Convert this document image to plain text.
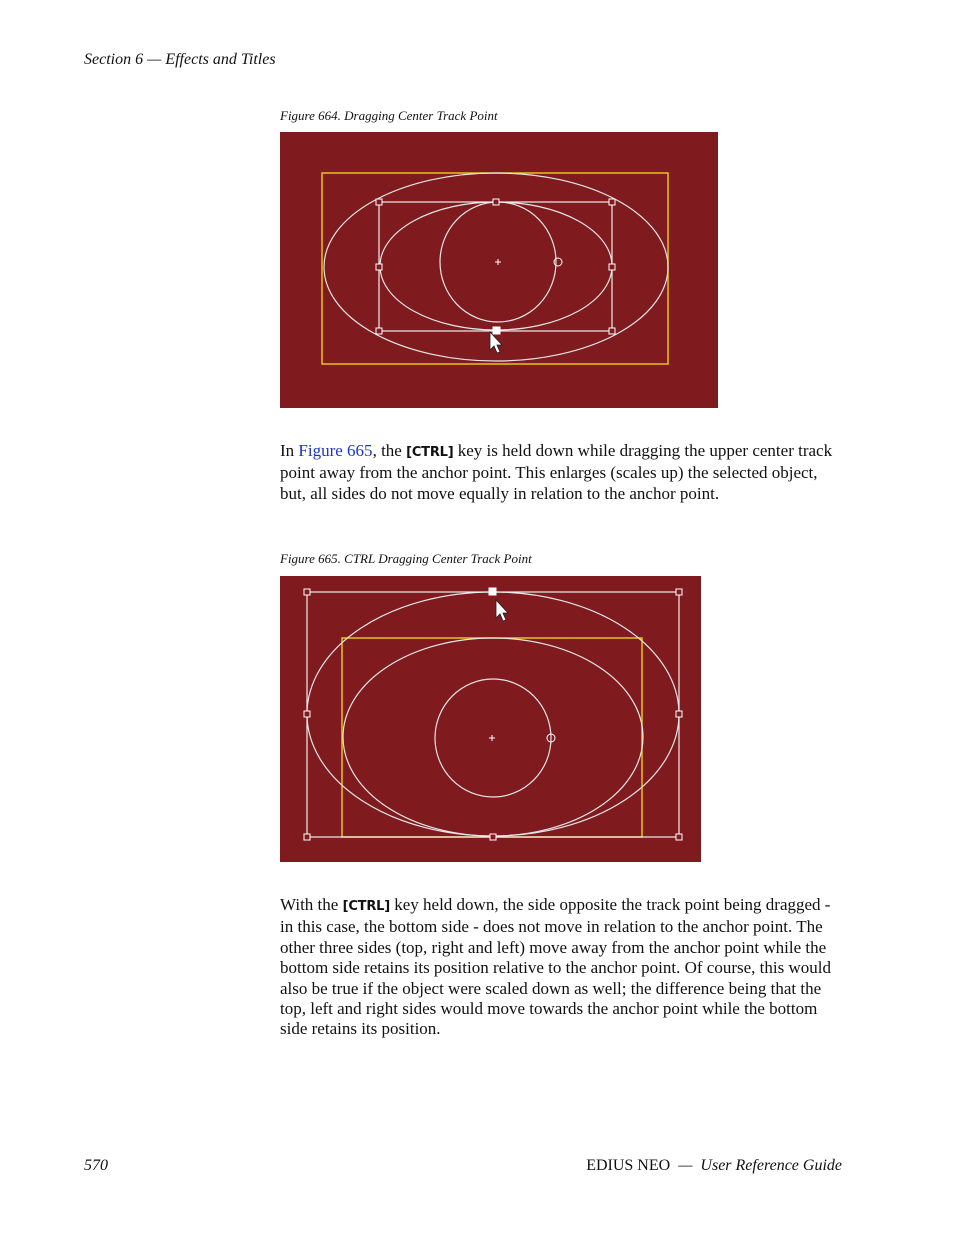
Section 6 — Effects and Titles
Figure 664. Dragging Center Track Point

In Figure 665, the [CTRL] key is held down while dragging the upper center track point away from the anchor point. This enlarges (scales up) the selected object, but, all sides do not move equally in relation to the anchor point.

Figure 665. CTRL Dragging Center Track Point

With the [CTRL] key held down, the side opposite the track point being dragged - in this case, the bottom side - does not move in relation to the anchor point. The other three sides (top, right and left) move away from the anchor point while the bottom side retains its position relative to the anchor point. Of course, this would also be true if the object were scaled down as well; the difference being that the top, left and right sides would move towards the anchor point while the bottom side retains its position.

570	EDIUS NEO — User Reference Guide
